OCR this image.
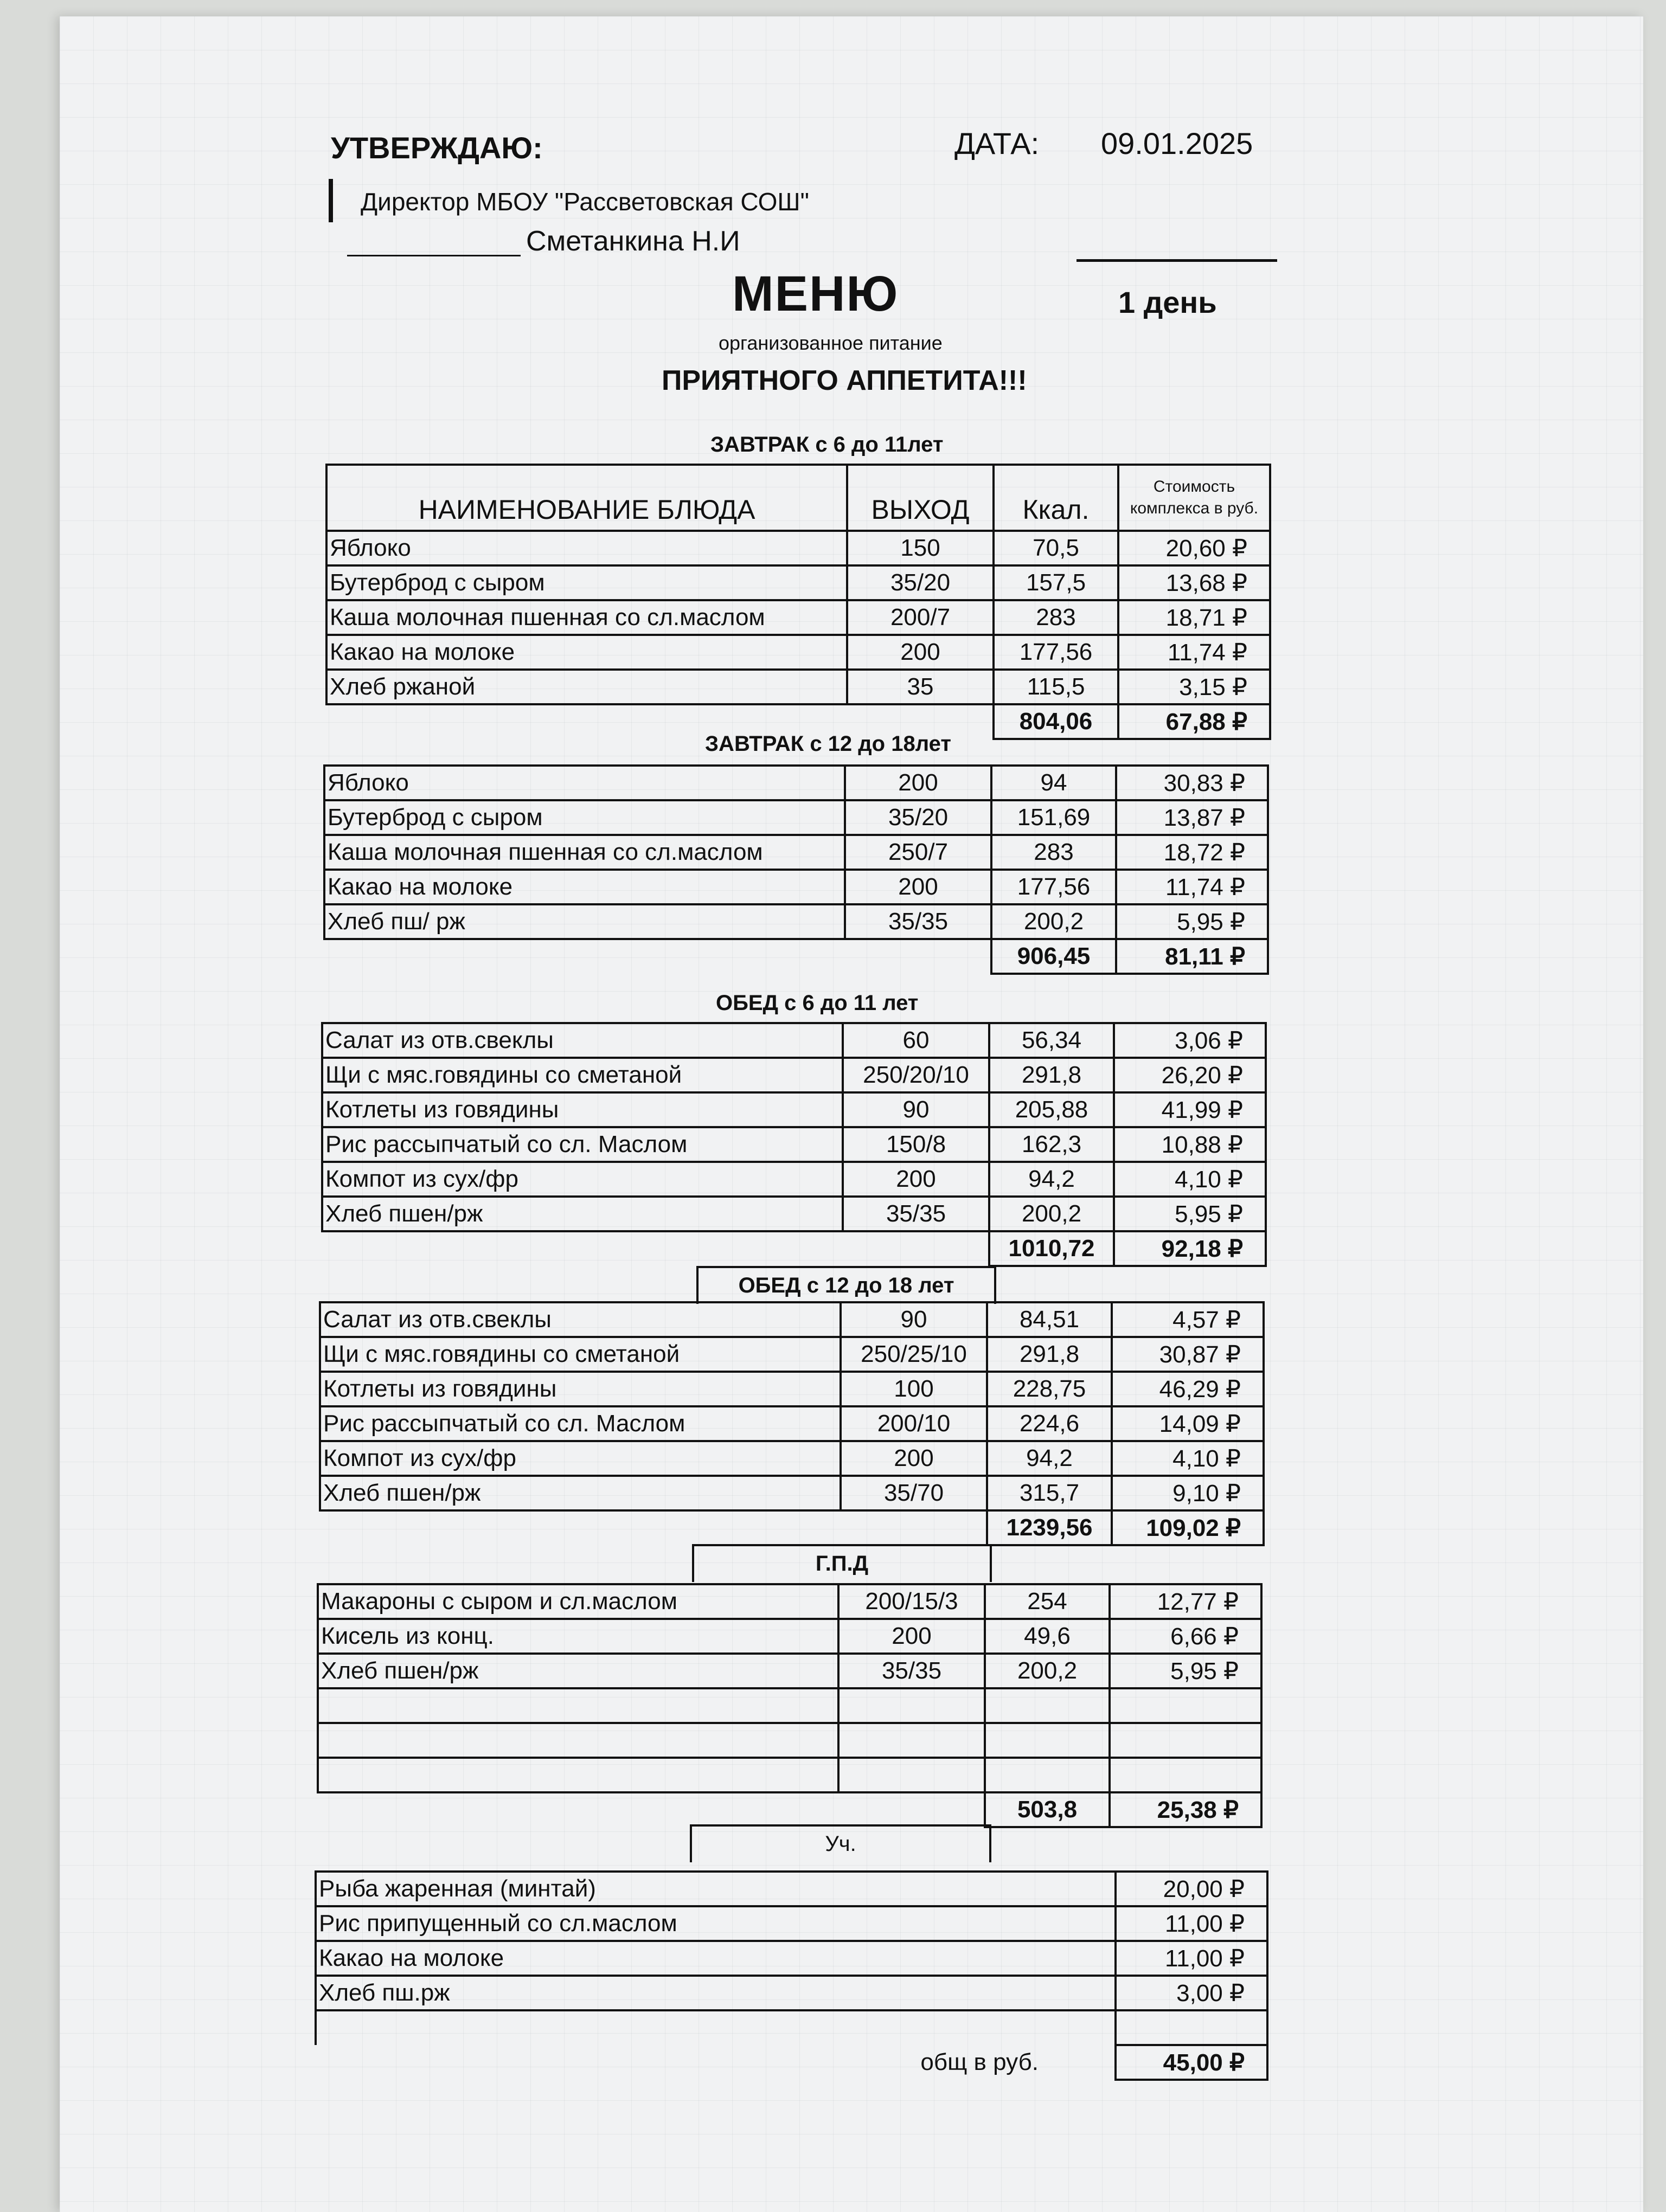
УТВЕРЖДАЮ:	ДАТА: 09.01.2025
Директор МБОУ "Рассветовская СОШ"
Сметанкина Н.И
МЕНЮ	1 день
организованное питание
ПРИЯТНОГО АППЕТИТА!!!
ЗАВТРАК с 6 до 11лет
НАИМЕНОВАНИЕ БЛЮДА	ВЫХОД	Ккал.	Стоимость комплекса в руб.
Яблоко	150	70,5	20,60 ₽
Бутерброд с сыром	35/20	157,5	13,68 ₽
Каша молочная пшенная со сл.маслом	200/7	283	18,71 ₽
Какао на молоке	200	177,56	11,74 ₽
Хлеб ржаной	35	115,5	3,15 ₽
		804,06	67,88 ₽
ЗАВТРАК с 12 до 18лет
Яблоко	200	94	30,83 ₽
Бутерброд с сыром	35/20	151,69	13,87 ₽
Каша молочная пшенная со сл.маслом	250/7	283	18,72 ₽
Какао на молоке	200	177,56	11,74 ₽
Хлеб пш/ рж	35/35	200,2	5,95 ₽
		906,45	81,11 ₽
ОБЕД с 6 до 11 лет
Салат из отв.свеклы	60	56,34	3,06 ₽
Щи с мяс.говядины со сметаной	250/20/10	291,8	26,20 ₽
Котлеты из говядины	90	205,88	41,99 ₽
Рис рассыпчатый со сл. Маслом	150/8	162,3	10,88 ₽
Компот из сух/фр	200	94,2	4,10 ₽
Хлеб пшен/рж	35/35	200,2	5,95 ₽
		1010,72	92,18 ₽
ОБЕД с 12 до 18 лет
Салат из отв.свеклы	90	84,51	4,57 ₽
Щи с мяс.говядины со сметаной	250/25/10	291,8	30,87 ₽
Котлеты из говядины	100	228,75	46,29 ₽
Рис рассыпчатый со сл. Маслом	200/10	224,6	14,09 ₽
Компот из сух/фр	200	94,2	4,10 ₽
Хлеб пшен/рж	35/70	315,7	9,10 ₽
		1239,56	109,02 ₽
Г.П.Д
Макароны с сыром и сл.маслом	200/15/3	254	12,77 ₽
Кисель из конц.	200	49,6	6,66 ₽
Хлеб пшен/рж	35/35	200,2	5,95 ₽

		503,8	25,38 ₽
Уч.
Рыба жаренная (минтай)	20,00 ₽
Рис припущенный со сл.маслом	11,00 ₽
Какао на молоке	11,00 ₽
Хлеб пш.рж	3,00 ₽

общ в руб.	45,00 ₽
